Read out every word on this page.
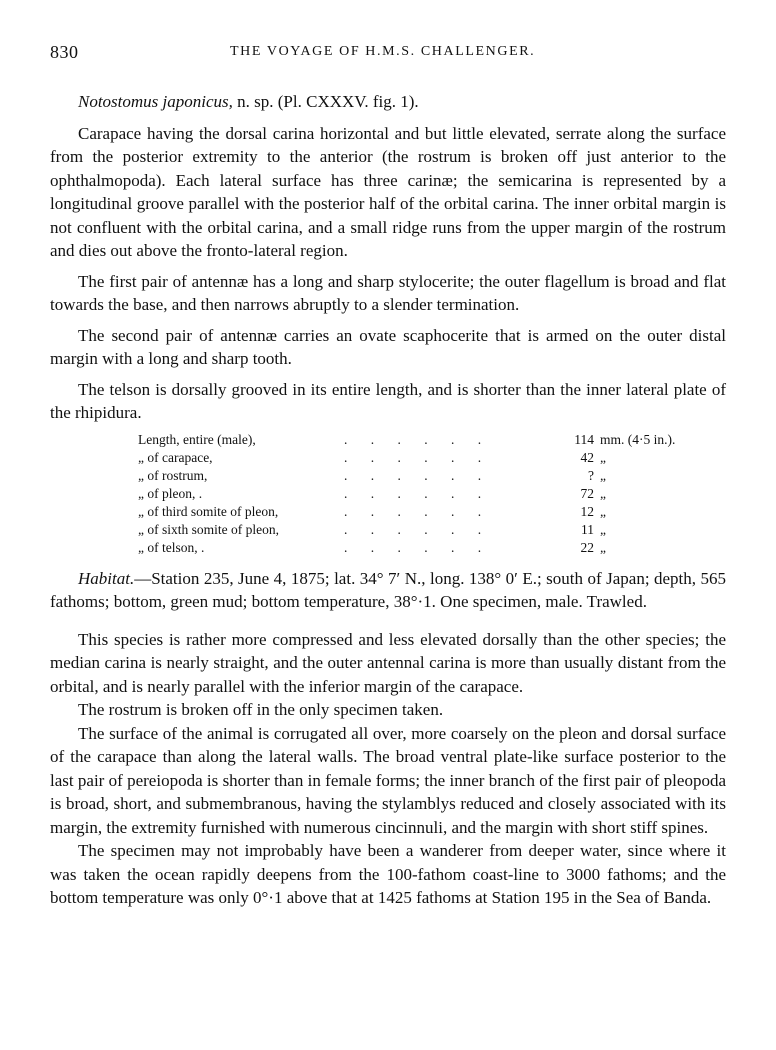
830	THE VOYAGE OF H.M.S. CHALLENGER.
Notostomus japonicus, n. sp. (Pl. CXXXV. fig. 1).

Carapace having the dorsal carina horizontal and but little elevated, serrate along the surface from the posterior extremity to the anterior (the rostrum is broken off just anterior to the ophthalmopoda). Each lateral surface has three carinæ; the semicarina is represented by a longitudinal groove parallel with the posterior half of the orbital carina. The inner orbital margin is not confluent with the orbital carina, and a small ridge runs from the upper margin of the rostrum and dies out above the fronto-lateral region.

The first pair of antennæ has a long and sharp stylocerite; the outer flagellum is broad and flat towards the base, and then narrows abruptly to a slender termination.

The second pair of antennæ carries an ovate scaphocerite that is armed on the outer distal margin with a long and sharp tooth.

The telson is dorsally grooved in its entire length, and is shorter than the inner lateral plate of the rhipidura.

Length, entire (male),	. . . . . .	114	mm. (4·5 in.).
„ of carapace,	. . . . . .	42	„
„ of rostrum,	. . . . . .	?	„
„ of pleon, .	. . . . . .	72	„
„ of third somite of pleon,	. . . . . .	12	„
„ of sixth somite of pleon,	. . . . . .	11	„
„ of telson, .	. . . . . .	22	„

Habitat.—Station 235, June 4, 1875; lat. 34° 7′ N., long. 138° 0′ E.; south of Japan; depth, 565 fathoms; bottom, green mud; bottom temperature, 38°·1. One specimen, male. Trawled.

This species is rather more compressed and less elevated dorsally than the other species; the median carina is nearly straight, and the outer antennal carina is more than usually distant from the orbital, and is nearly parallel with the inferior margin of the carapace.

The rostrum is broken off in the only specimen taken.

The surface of the animal is corrugated all over, more coarsely on the pleon and dorsal surface of the carapace than along the lateral walls. The broad ventral plate-like surface posterior to the last pair of pereiopoda is shorter than in female forms; the inner branch of the first pair of pleopoda is broad, short, and submembranous, having the stylamblys reduced and closely associated with its margin, the extremity furnished with numerous cincinnuli, and the margin with short stiff spines.

The specimen may not improbably have been a wanderer from deeper water, since where it was taken the ocean rapidly deepens from the 100-fathom coast-line to 3000 fathoms; and the bottom temperature was only 0°·1 above that at 1425 fathoms at Station 195 in the Sea of Banda.
